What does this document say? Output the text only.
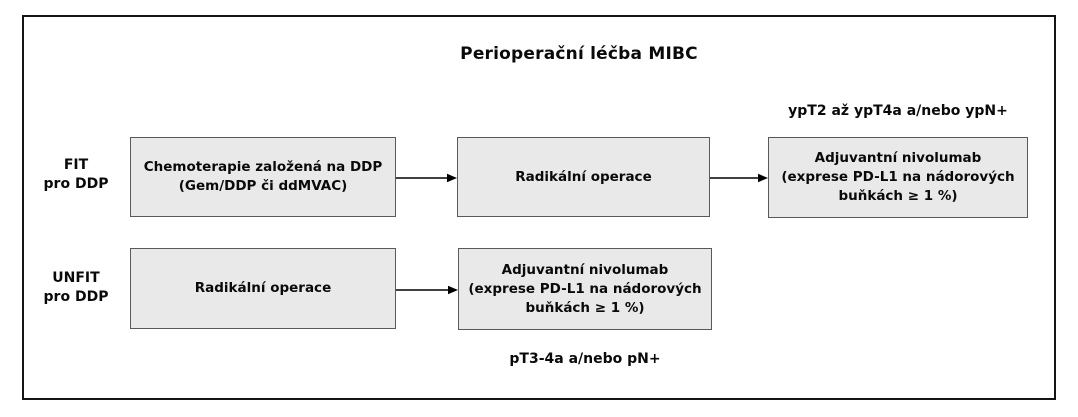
Perioperační léčba MIBC
FIT
pro DDP
ypT2 až ypT4a a/nebo ypN+
Chemoterapie založená na DDP
(Gem/DDP či ddMVAC)
Radikální operace
Adjuvantní nivolumab
(exprese PD-L1 na nádorových
buňkách ≥ 1 %)
UNFIT
pro DDP
Radikální operace
Adjuvantní nivolumab
(exprese PD-L1 na nádorových
buňkách ≥ 1 %)
pT3-4a a/nebo pN+
